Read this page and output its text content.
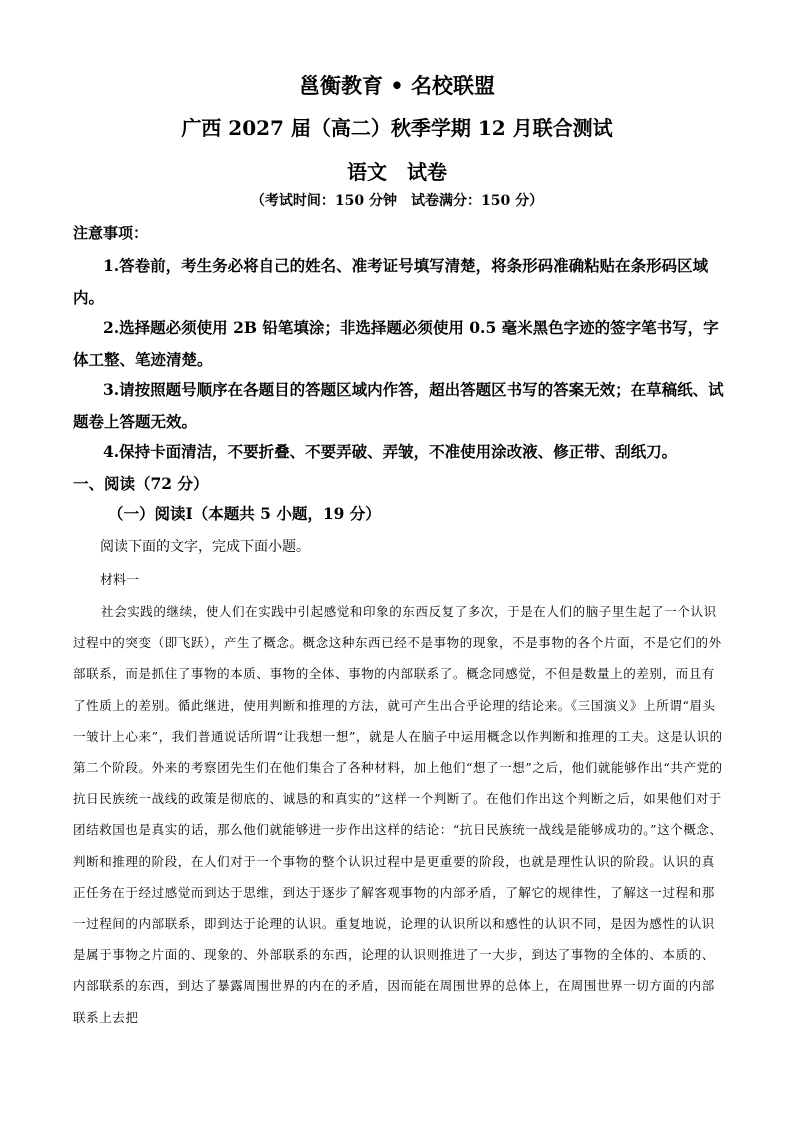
邕衡教育 • 名校联盟
广西 2027 届（高二）秋季学期 12 月联合测试
语文　试卷
（考试时间：150 分钟　试卷满分：150 分）
注意事项：
1.答卷前，考生务必将自己的姓名、准考证号填写清楚，将条形码准确粘贴在条形码区域内。
2.选择题必须使用 2B 铅笔填涂；非选择题必须使用 0.5 毫米黑色字迹的签字笔书写，字体工整、笔迹清楚。
3.请按照题号顺序在各题目的答题区域内作答，超出答题区书写的答案无效；在草稿纸、试题卷上答题无效。
4.保持卡面清洁，不要折叠、不要弄破、弄皱，不准使用涂改液、修正带、刮纸刀。
一、阅读（72 分）
（一）阅读Ⅰ（本题共 5 小题，19 分）
阅读下面的文字，完成下面小题。
材料一
社会实践的继续，使人们在实践中引起感觉和印象的东西反复了多次，于是在人们的脑子里生起了一个认识过程中的突变（即飞跃），产生了概念。概念这种东西已经不是事物的现象，不是事物的各个片面，不是它们的外部联系，而是抓住了事物的本质、事物的全体、事物的内部联系了。概念同感觉，不但是数量上的差别，而且有了性质上的差别。循此继进，使用判断和推理的方法，就可产生出合乎论理的结论来。《三国演义》上所谓“眉头一皱计上心来”，我们普通说话所谓“让我想一想”，就是人在脑子中运用概念以作判断和推理的工夫。这是认识的第二个阶段。外来的考察团先生们在他们集合了各种材料，加上他们“想了一想”之后，他们就能够作出“共产党的抗日民族统一战线的政策是彻底的、诚恳的和真实的”这样一个判断了。在他们作出这个判断之后，如果他们对于团结救国也是真实的话，那么他们就能够进一步作出这样的结论：“抗日民族统一战线是能够成功的。”这个概念、判断和推理的阶段，在人们对于一个事物的整个认识过程中是更重要的阶段，也就是理性认识的阶段。认识的真正任务在于经过感觉而到达于思维，到达于逐步了解客观事物的内部矛盾，了解它的规律性，了解这一过程和那一过程间的内部联系，即到达于论理的认识。重复地说，论理的认识所以和感性的认识不同，是因为感性的认识是属于事物之片面的、现象的、外部联系的东西，论理的认识则推进了一大步，到达了事物的全体的、本质的、内部联系的东西，到达了暴露周围世界的内在的矛盾，因而能在周围世界的总体上，在周围世界一切方面的内部联系上去把
